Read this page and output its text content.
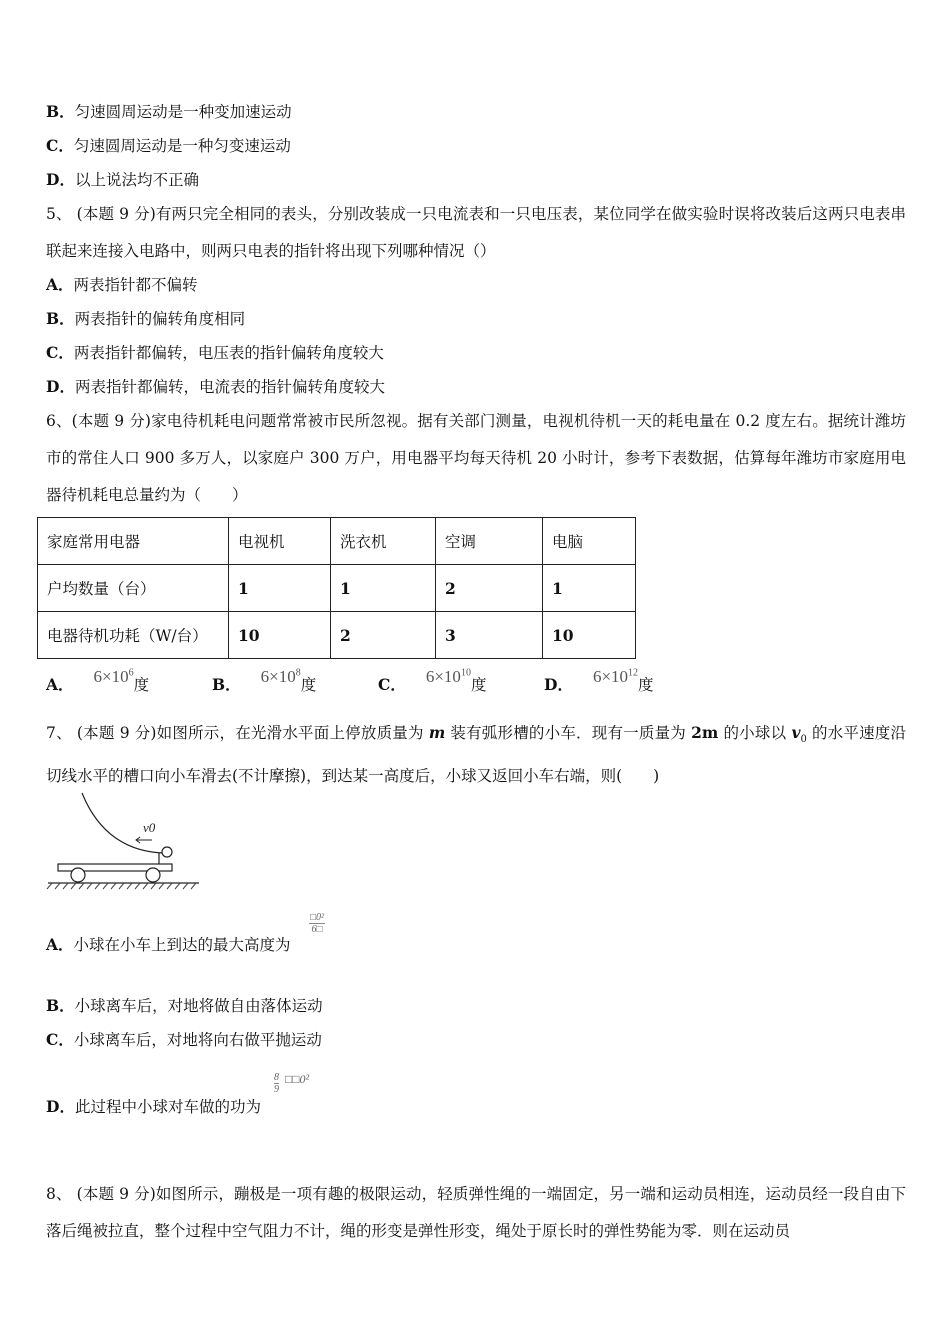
B．匀速圆周运动是一种变加速运动
C．匀速圆周运动是一种匀变速运动
D．以上说法均不正确
5、 (本题 9 分)有两只完全相同的表头，分别改装成一只电流表和一只电压表，某位同学在做实验时误将改装后这两只电表串联起来连接入电路中，则两只电表的指针将出现下列哪种情况（）
A．两表指针都不偏转
B．两表指针的偏转角度相同
C．两表指针都偏转，电压表的指针偏转角度较大
D．两表指针都偏转，电流表的指针偏转角度较大
6、(本题 9 分)家电待机耗电问题常常被市民所忽视。据有关部门测量，电视机待机一天的耗电量在 0.2 度左右。据统计潍坊市的常住人口 900 多万人，以家庭户 300 万户，用电器平均每天待机 20 小时计，参考下表数据，估算每年潍坊市家庭用电器待机耗电总量约为（　　）
家庭常用电器	电视机	洗衣机	空调	电脑
户均数量（台）	1	1	2	1
电器待机功耗（W/台）	10	2	3	10
A． $6\times 10^6$度	B． $6\times 10^8$度	C． $6\times 10^{10}$度	D． $6\times 10^{12}$度
7、 (本题 9 分)如图所示，在光滑水平面上停放质量为 m 装有弧形槽的小车．现有一质量为 2m 的小球以 $v_0$ 的水平速度沿切线水平的槽口向小车滑去(不计摩擦)，到达某一高度后，小球又返回小车右端，则(　　)
v0
A．小球在小车上到达的最大高度为
$\frac{\text{□0²}}{6□}$
B．小球离车后，对地将做自由落体运动
C．小球离车后，对地将向右做平抛运动
D．此过程中小球对车做的功为
$\frac{8}{9}$ □□0²
8、 (本题 9 分)如图所示，蹦极是一项有趣的极限运动，轻质弹性绳的一端固定，另一端和运动员相连，运动员经一段自由下落后绳被拉直，整个过程中空气阻力不计，绳的形变是弹性形变，绳处于原长时的弹性势能为零．则在运动员
